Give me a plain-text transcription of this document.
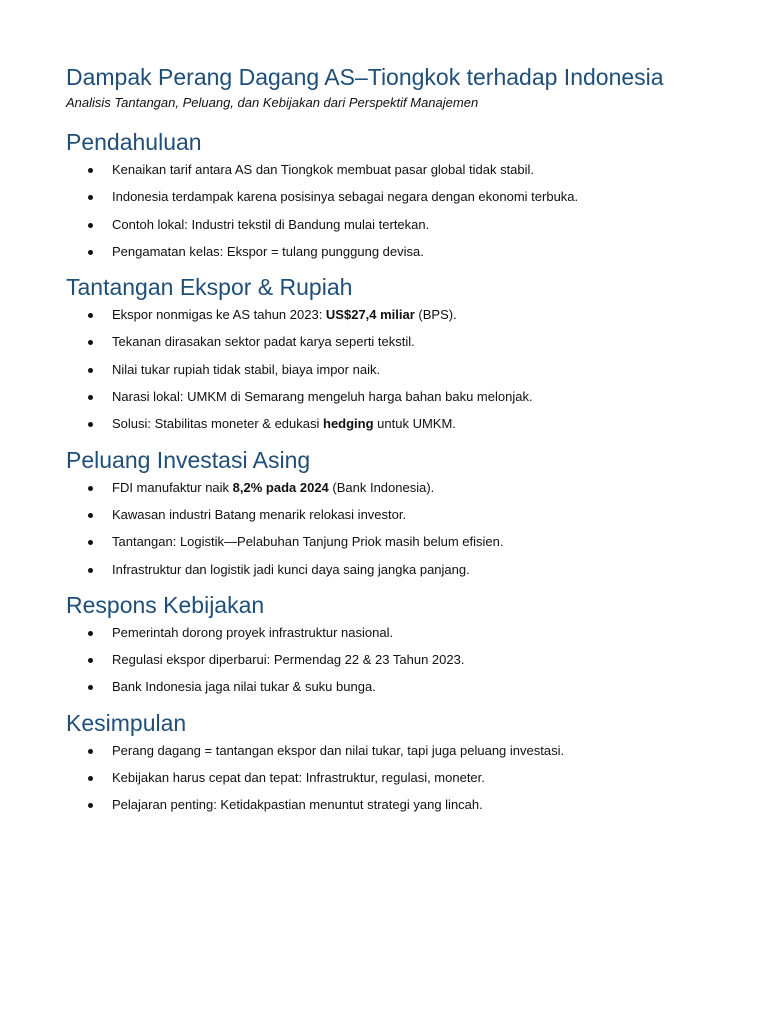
Dampak Perang Dagang AS–Tiongkok terhadap Indonesia

Analisis Tantangan, Peluang, dan Kebijakan dari Perspektif Manajemen

Pendahuluan
Kenaikan tarif antara AS dan Tiongkok membuat pasar global tidak stabil.
Indonesia terdampak karena posisinya sebagai negara dengan ekonomi terbuka.
Contoh lokal: Industri tekstil di Bandung mulai tertekan.
Pengamatan kelas: Ekspor = tulang punggung devisa.
Tantangan Ekspor & Rupiah
Ekspor nonmigas ke AS tahun 2023: US$27,4 miliar (BPS).
Tekanan dirasakan sektor padat karya seperti tekstil.
Nilai tukar rupiah tidak stabil, biaya impor naik.
Narasi lokal: UMKM di Semarang mengeluh harga bahan baku melonjak.
Solusi: Stabilitas moneter & edukasi hedging untuk UMKM.
Peluang Investasi Asing
FDI manufaktur naik 8,2% pada 2024 (Bank Indonesia).
Kawasan industri Batang menarik relokasi investor.
Tantangan: Logistik—Pelabuhan Tanjung Priok masih belum efisien.
Infrastruktur dan logistik jadi kunci daya saing jangka panjang.
Respons Kebijakan
Pemerintah dorong proyek infrastruktur nasional.
Regulasi ekspor diperbarui: Permendag 22 & 23 Tahun 2023.
Bank Indonesia jaga nilai tukar & suku bunga.
Kesimpulan
Perang dagang = tantangan ekspor dan nilai tukar, tapi juga peluang investasi.
Kebijakan harus cepat dan tepat: Infrastruktur, regulasi, moneter.
Pelajaran penting: Ketidakpastian menuntut strategi yang lincah.
